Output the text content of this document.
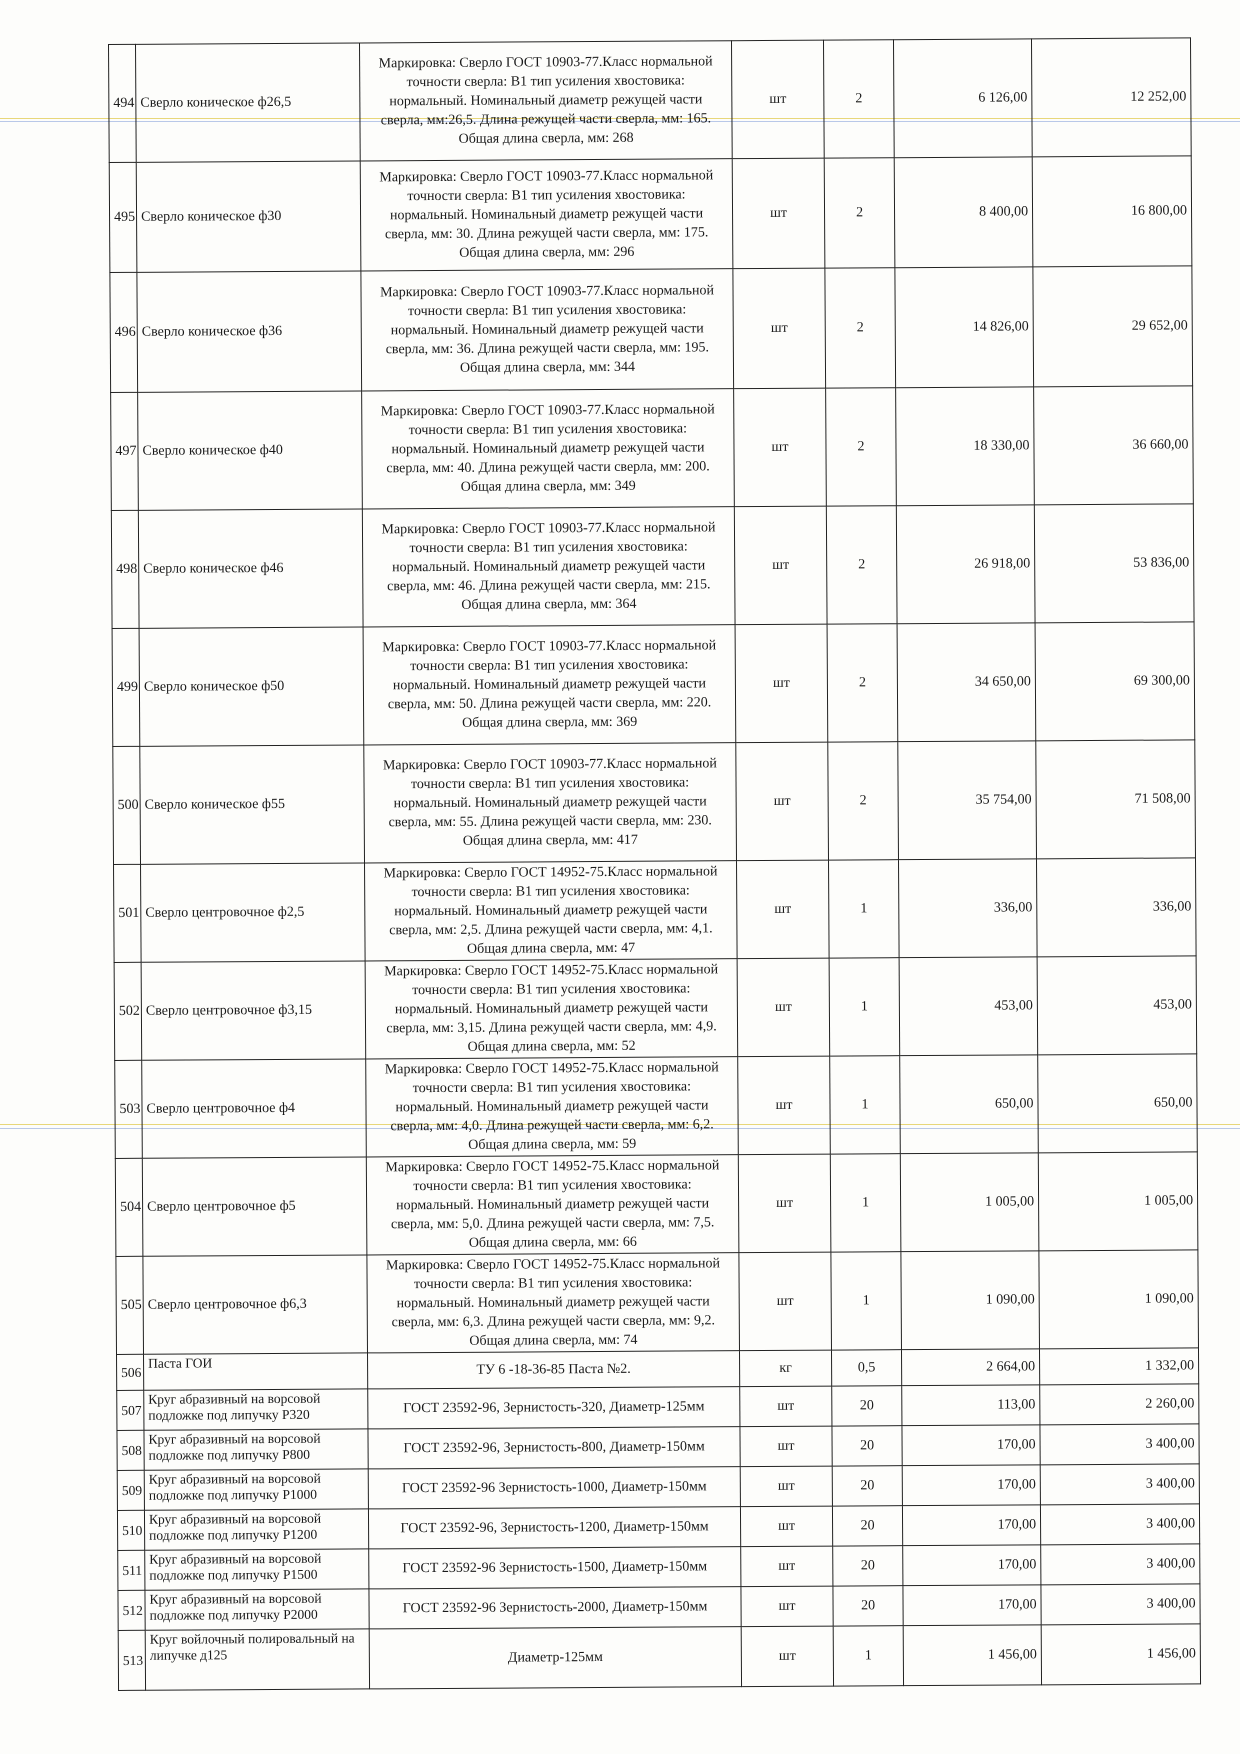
494	Сверло коническое ф26,5	Маркировка: Сверло ГОСТ 10903-77.Класс нормальной
точности сверла: В1 тип усиления хвостовика:
нормальный. Номинальный диаметр режущей части
сверла, мм:26,5. Длина режущей части сверла, мм: 165.
Общая длина сверла, мм: 268	шт	2	6 126,00	12 252,00
495	Сверло коническое ф30	Маркировка: Сверло ГОСТ 10903-77.Класс нормальной
точности сверла: В1 тип усиления хвостовика:
нормальный. Номинальный диаметр режущей части
сверла, мм: 30. Длина режущей части сверла, мм: 175.
Общая длина сверла, мм: 296	шт	2	8 400,00	16 800,00
496	Сверло коническое ф36	Маркировка: Сверло ГОСТ 10903-77.Класс нормальной
точности сверла: В1 тип усиления хвостовика:
нормальный. Номинальный диаметр режущей части
сверла, мм: 36. Длина режущей части сверла, мм: 195.
Общая длина сверла, мм: 344	шт	2	14 826,00	29 652,00
497	Сверло коническое ф40	Маркировка: Сверло ГОСТ 10903-77.Класс нормальной
точности сверла: В1 тип усиления хвостовика:
нормальный. Номинальный диаметр режущей части
сверла, мм: 40. Длина режущей части сверла, мм: 200.
Общая длина сверла, мм: 349	шт	2	18 330,00	36 660,00
498	Сверло коническое ф46	Маркировка: Сверло ГОСТ 10903-77.Класс нормальной
точности сверла: В1 тип усиления хвостовика:
нормальный. Номинальный диаметр режущей части
сверла, мм: 46. Длина режущей части сверла, мм: 215.
Общая длина сверла, мм: 364	шт	2	26 918,00	53 836,00
499	Сверло коническое ф50	Маркировка: Сверло ГОСТ 10903-77.Класс нормальной
точности сверла: В1 тип усиления хвостовика:
нормальный. Номинальный диаметр режущей части
сверла, мм: 50. Длина режущей части сверла, мм: 220.
Общая длина сверла, мм: 369	шт	2	34 650,00	69 300,00
500	Сверло коническое ф55	Маркировка: Сверло ГОСТ 10903-77.Класс нормальной
точности сверла: В1 тип усиления хвостовика:
нормальный. Номинальный диаметр режущей части
сверла, мм: 55. Длина режущей части сверла, мм: 230.
Общая длина сверла, мм: 417	шт	2	35 754,00	71 508,00
501	Сверло центровочное ф2,5	Маркировка: Сверло ГОСТ 14952-75.Класс нормальной
точности сверла: В1 тип усиления хвостовика:
нормальный. Номинальный диаметр режущей части
сверла, мм: 2,5. Длина режущей части сверла, мм: 4,1.
Общая длина сверла, мм: 47	шт	1	336,00	336,00
502	Сверло центровочное ф3,15	Маркировка: Сверло ГОСТ 14952-75.Класс нормальной
точности сверла: В1 тип усиления хвостовика:
нормальный. Номинальный диаметр режущей части
сверла, мм: 3,15. Длина режущей части сверла, мм: 4,9.
Общая длина сверла, мм: 52	шт	1	453,00	453,00
503	Сверло центровочное ф4	Маркировка: Сверло ГОСТ 14952-75.Класс нормальной
точности сверла: В1 тип усиления хвостовика:
нормальный. Номинальный диаметр режущей части
сверла, мм: 4,0. Длина режущей части сверла, мм: 6,2.
Общая длина сверла, мм: 59	шт	1	650,00	650,00
504	Сверло центровочное ф5	Маркировка: Сверло ГОСТ 14952-75.Класс нормальной
точности сверла: В1 тип усиления хвостовика:
нормальный. Номинальный диаметр режущей части
сверла, мм: 5,0. Длина режущей части сверла, мм: 7,5.
Общая длина сверла, мм: 66	шт	1	1 005,00	1 005,00
505	Сверло центровочное ф6,3	Маркировка: Сверло ГОСТ 14952-75.Класс нормальной
точности сверла: В1 тип усиления хвостовика:
нормальный. Номинальный диаметр режущей части
сверла, мм: 6,3. Длина режущей части сверла, мм: 9,2.
Общая длина сверла, мм: 74	шт	1	1 090,00	1 090,00
506	Паста ГОИ	ТУ 6 -18-36-85 Паста №2.	кг	0,5	2 664,00	1 332,00
507	Круг абразивный на ворсовой подложке под липучку Р320	ГОСТ 23592-96, Зернистость-320, Диаметр-125мм	шт	20	113,00	2 260,00
508	Круг абразивный на ворсовой подложке под липучку Р800	ГОСТ 23592-96, Зернистость-800, Диаметр-150мм	шт	20	170,00	3 400,00
509	Круг абразивный на ворсовой подложке под липучку Р1000	ГОСТ 23592-96 Зернистость-1000, Диаметр-150мм	шт	20	170,00	3 400,00
510	Круг абразивный на ворсовой подложке под липучку Р1200	ГОСТ 23592-96, Зернистость-1200, Диаметр-150мм	шт	20	170,00	3 400,00
511	Круг абразивный на ворсовой подложке под липучку Р1500	ГОСТ 23592-96 Зернистость-1500, Диаметр-150мм	шт	20	170,00	3 400,00
512	Круг абразивный на ворсовой подложке под липучку Р2000	ГОСТ 23592-96 Зернистость-2000, Диаметр-150мм	шт	20	170,00	3 400,00
513	Круг войлочный полировальный на липучке д125	Диаметр-125мм	шт	1	1 456,00	1 456,00
